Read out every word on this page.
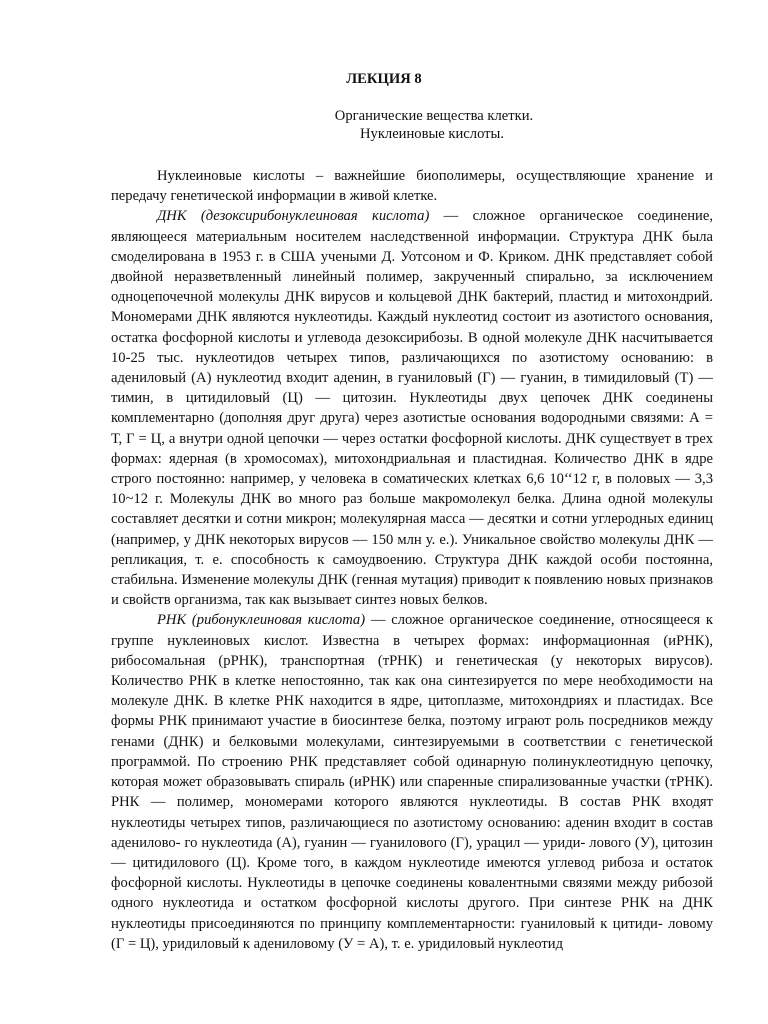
ЛЕКЦИЯ 8
Органические вещества клетки.
Нуклеиновые кислоты.

Нуклеиновые кислоты – важнейшие биополимеры, осуществляющие хранение и передачу генетической информации в живой клетке.

ДНК (дезоксирибонуклеиновая кислота) — сложное органическое соединение, являющееся материальным носителем наследственной информации. Структура ДНК была смоделирована в 1953 г. в США учеными Д. Уотсоном и Ф. Криком. ДНК представляет собой двойной неразветвленный линейный полимер, закрученный спирально, за исключением одноцепочечной молекулы ДНК вирусов и кольцевой ДНК бактерий, пластид и митохондрий. Мономерами ДНК являются нуклеотиды. Каждый нуклеотид состоит из азотистого основания, остатка фосфорной кислоты и углевода дезоксирибозы. В одной молекуле ДНК насчитывается 10-25 тыс. нуклеотидов четырех типов, различающихся по азотистому основанию: в адениловый (А) нуклеотид входит аденин, в гуаниловый (Г) — гуанин, в тимидиловый (Т) — тимин, в цитидиловый (Ц) — цитозин. Нуклеотиды двух цепочек ДНК соединены комплементарно (дополняя друг друга) через азотистые основания водородными связями: А = Т, Г = Ц, а внутри одной цепочки — через остатки фосфорной кислоты. ДНК существует в трех формах: ядерная (в хромосомах), митохондриальная и пластидная. Количество ДНК в ядре строго постоянно: например, у человека в соматических клетках 6,6 10‘‘12 г, в половых — 3,3 10~12 г. Молекулы ДНК во много раз больше макромолекул белка. Длина одной молекулы составляет десятки и сотни микрон; молекулярная масса — десятки и сотни углеродных единиц (например, у ДНК некоторых вирусов — 150 млн у. е.). Уникальное свойство молекулы ДНК — репликация, т. е. способность к самоудвоению. Структура ДНК каждой особи постоянна, стабильна. Изменение молекулы ДНК (генная мутация) приводит к появлению новых признаков и свойств организма, так как вызывает синтез новых белков.

РНК (рибонуклеиновая кислота) — сложное органическое соединение, относящееся к группе нуклеиновых кислот. Известна в четырех формах: информационная (иРНК), рибосомальная (рРНК), транспортная (тРНК) и генетическая (у некоторых вирусов). Количество РНК в клетке непостоянно, так как она синтезируется по мере необходимости на молекуле ДНК. В клетке РНК находится в ядре, цитоплазме, митохондриях и пластидах. Все формы РНК принимают участие в биосинтезе белка, поэтому играют роль посредников между генами (ДНК) и белковыми молекулами, синтезируемыми в соответствии с генетической программой. По строению РНК представляет собой одинарную полинуклеотидную цепочку, которая может образовывать спираль (иРНК) или спаренные спирализованные участки (тРНК). РНК — полимер, мономерами которого являются нуклеотиды. В состав РНК входят нуклеотиды четырех типов, различающиеся по азотистому основанию: аденин входит в состав аденилово- го нуклеотида (А), гуанин — гуанилового (Г), урацил — уриди- лового (У), цитозин — цитидилового (Ц). Кроме того, в каждом нуклеотиде имеются углевод рибоза и остаток фосфорной кислоты. Нуклеотиды в цепочке соединены ковалентными связями между рибозой одного нуклеотида и остатком фосфорной кислоты другого. При синтезе РНК на ДНК нуклеотиды присоединяются по принципу комплементарности: гуаниловый к цитиди- ловому (Г = Ц), уридиловый к адениловому (У = А), т. е. уридиловый нуклеотид
